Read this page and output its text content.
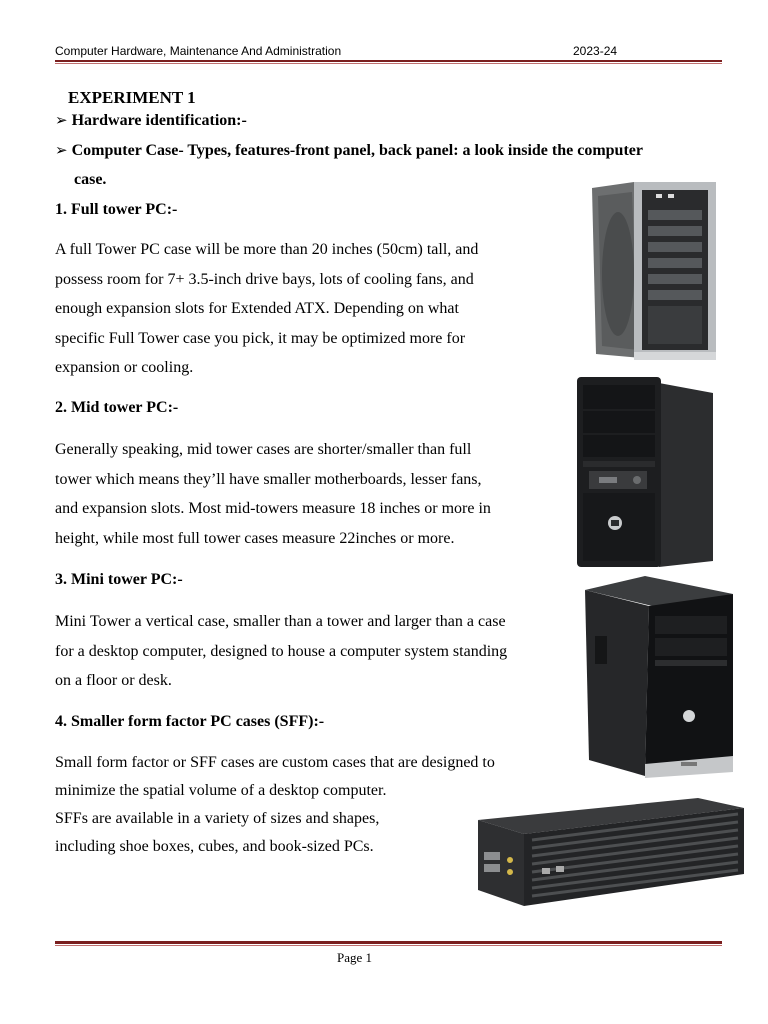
Computer Hardware, Maintenance And Administration	2023-24
EXPERIMENT 1
➢ Hardware identification:-
➢ Computer Case- Types, features-front panel, back panel: a look inside the computer
case.
1. Full tower PC:-
A full Tower PC case will be more than 20 inches (50cm) tall, and
possess room for 7+ 3.5-inch drive bays, lots of cooling fans, and
enough expansion slots for Extended ATX. Depending on what
specific Full Tower case you pick, it may be optimized more for
expansion or cooling.
2. Mid tower PC:-
Generally speaking, mid tower cases are shorter/smaller than full
tower which means they’ll have smaller motherboards, lesser fans,
and expansion slots. Most mid-towers measure 18 inches or more in
height, while most full tower cases measure 22inches or more.
3. Mini tower PC:-
Mini Tower a vertical case, smaller than a tower and larger than a case
for a desktop computer, designed to house a computer system standing
on a floor or desk.
4. Smaller form factor PC cases (SFF):-
Small form factor or SFF cases are custom cases that are designed to
minimize the spatial volume of a desktop computer.
SFFs are available in a variety of sizes and shapes,
including shoe boxes, cubes, and book-sized PCs.
Page 1
